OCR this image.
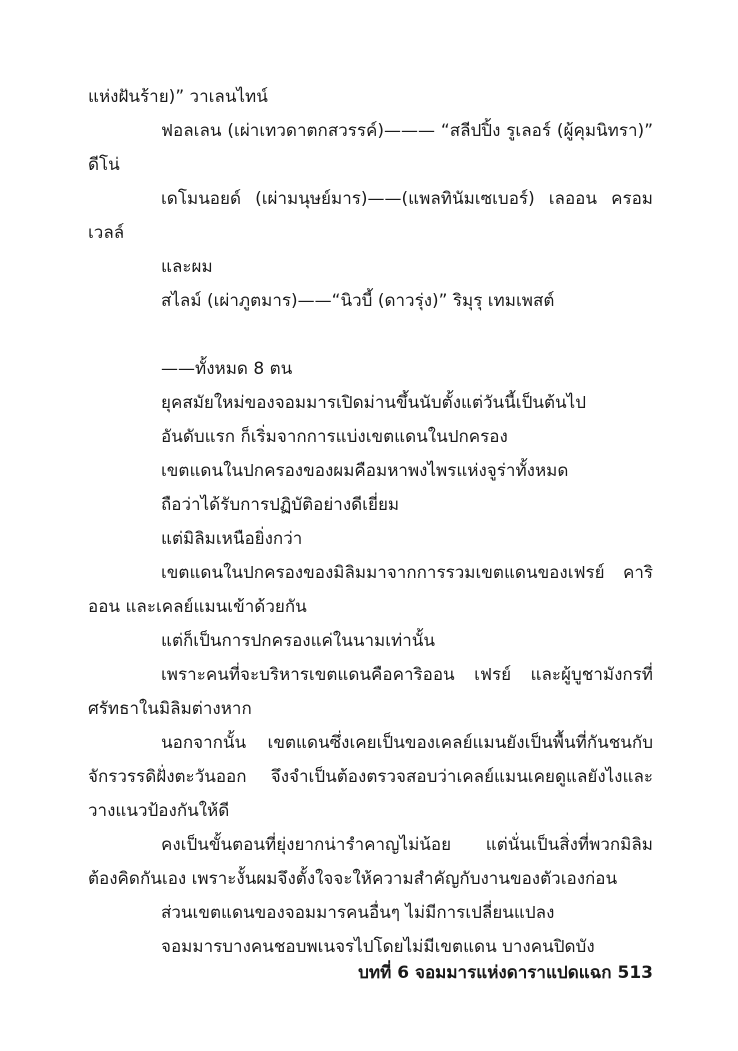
แห่งฝันร้าย)” วาเลนไทน์

ฟอลเลน (เผ่าเทวดาตกสวรรค์)——— “สลีปปิ้ง รูเลอร์ (ผู้คุมนิทรา)” ดีโน่

เดโมนอยด์ (เผ่ามนุษย์มาร)——(แพลทินัมเซเบอร์) เลออน ครอมเวลล์

และผม

สไลม์ (เผ่าภูตมาร)——“นิวบี้ (ดาวรุ่ง)” ริมุรุ เทมเพสต์

——ทั้งหมด 8 ตน

ยุคสมัยใหม่ของจอมมารเปิดม่านขึ้นนับตั้งแต่วันนี้เป็นต้นไป

อันดับแรก ก็เริ่มจากการแบ่งเขตแดนในปกครอง

เขตแดนในปกครองของผมคือมหาพงไพรแห่งจูร่าทั้งหมด

ถือว่าได้รับการปฏิบัติอย่างดีเยี่ยม

แต่มิลิมเหนือยิ่งกว่า

เขตแดนในปกครองของมิลิมมาจากการรวมเขตแดนของเฟรย์ คาริออน และเคลย์แมนเข้าด้วยกัน

แต่ก็เป็นการปกครองแค่ในนามเท่านั้น

เพราะคนที่จะบริหารเขตแดนคือคาริออน เฟรย์ และผู้บูชามังกรที่ศรัทธาในมิลิมต่างหาก

นอกจากนั้น เขตแดนซึ่งเคยเป็นของเคลย์แมนยังเป็นพื้นที่กันชนกับจักรวรรดิฝั่งตะวันออก จึงจำเป็นต้องตรวจสอบว่าเคลย์แมนเคยดูแลยังไงและวางแนวป้องกันให้ดี

คงเป็นขั้นตอนที่ยุ่งยากน่ารำคาญไม่น้อย แต่นั่นเป็นสิ่งที่พวกมิลิมต้องคิดกันเอง เพราะงั้นผมจึงตั้งใจจะให้ความสำคัญกับงานของตัวเองก่อน

ส่วนเขตแดนของจอมมารคนอื่นๆ ไม่มีการเปลี่ยนแปลง

จอมมารบางคนชอบพเนจรไปโดยไม่มีเขตแดน บางคนปิดบัง

บทที่ 6 จอมมารแห่งดาราแปดแฉก 513
